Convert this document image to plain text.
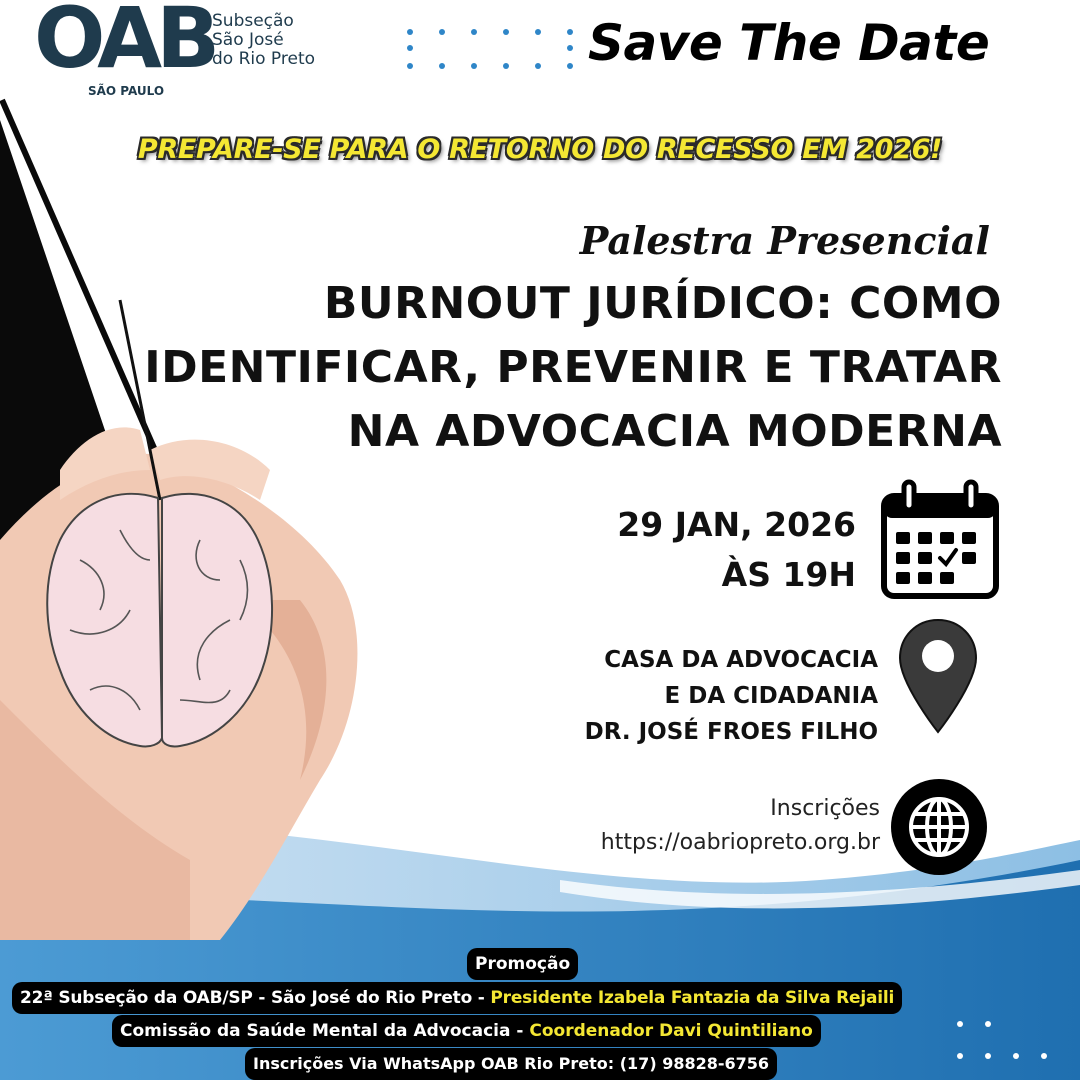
OAB
SÃO PAULO
Subseção
São José
do Rio Preto	Save The Date
PREPARE-SE PARA O RETORNO DO RECESSO EM 2026!
Palestra Presencial
BURNOUT JURÍDICO: COMO
IDENTIFICAR, PREVENIR E TRATAR
NA ADVOCACIA MODERNA
29 JAN, 2026
ÀS 19H
CASA DA ADVOCACIA
E DA CIDADANIA
DR. JOSÉ FROES FILHO
Inscrições
https://oabriopreto.org.br
Promoção
22ª Subseção da OAB/SP - São José do Rio Preto - Presidente Izabela Fantazia da Silva Rejaili
Comissão da Saúde Mental da Advocacia - Coordenador Davi Quintiliano
Inscrições Via WhatsApp OAB Rio Preto: (17) 98828-6756
